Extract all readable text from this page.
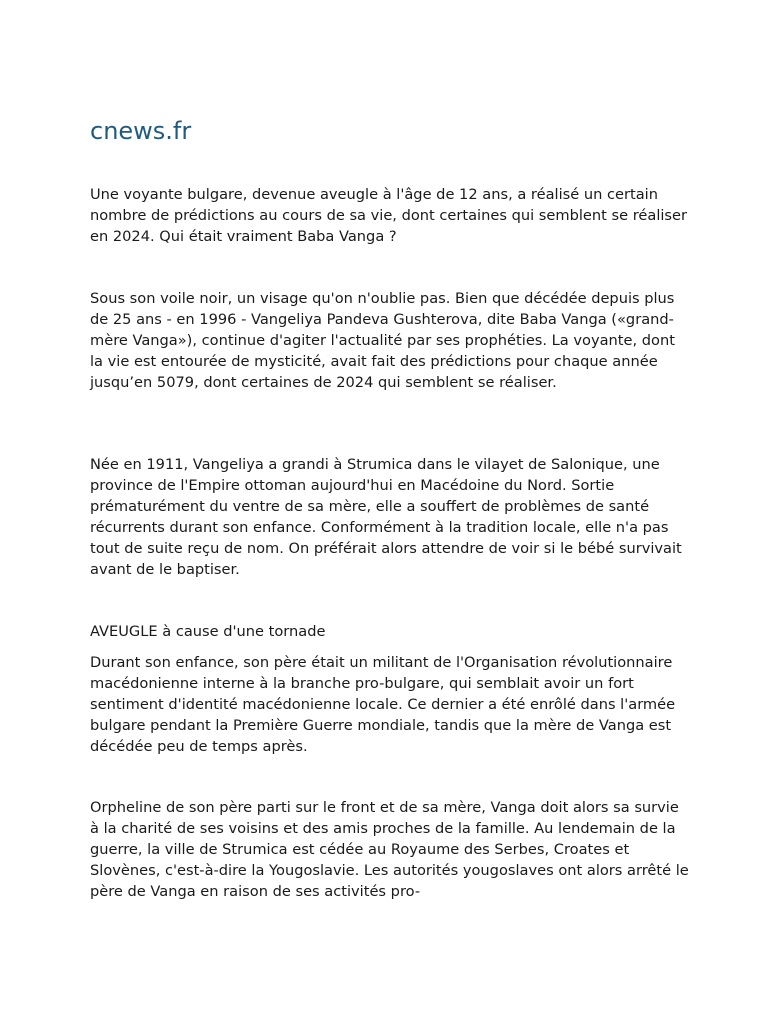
cnews.fr

Une voyante bulgare, devenue aveugle à l'âge de 12 ans, a réalisé un certain nombre de prédictions au cours de sa vie, dont certaines qui semblent se réaliser en 2024. Qui était vraiment Baba Vanga ?

Sous son voile noir, un visage qu'on n'oublie pas. Bien que décédée depuis plus de 25 ans - en 1996 - Vangeliya Pandeva Gushterova, dite Baba Vanga («grand-mère Vanga»), continue d'agiter l'actualité par ses prophéties. La voyante, dont la vie est entourée de mysticité, avait fait des prédictions pour chaque année jusqu’en 5079, dont certaines de 2024 qui semblent se réaliser.

Née en 1911, Vangeliya a grandi à Strumica dans le vilayet de Salonique, une province de l'Empire ottoman aujourd'hui en Macédoine du Nord. Sortie prématurément du ventre de sa mère, elle a souffert de problèmes de santé récurrents durant son enfance. Conformément à la tradition locale, elle n'a pas tout de suite reçu de nom. On préférait alors attendre de voir si le bébé survivait avant de le baptiser.

AVEUGLE à cause d'une tornade

Durant son enfance, son père était un militant de l'Organisation révolutionnaire macédonienne interne à la branche pro-bulgare, qui semblait avoir un fort sentiment d'identité macédonienne locale. Ce dernier a été enrôlé dans l'armée bulgare pendant la Première Guerre mondiale, tandis que la mère de Vanga est décédée peu de temps après.

Orpheline de son père parti sur le front et de sa mère, Vanga doit alors sa survie à la charité de ses voisins et des amis proches de la famille. Au lendemain de la guerre, la ville de Strumica est cédée au Royaume des Serbes, Croates et Slovènes, c'est-à-dire la Yougoslavie. Les autorités yougoslaves ont alors arrêté le père de Vanga en raison de ses activités pro-
